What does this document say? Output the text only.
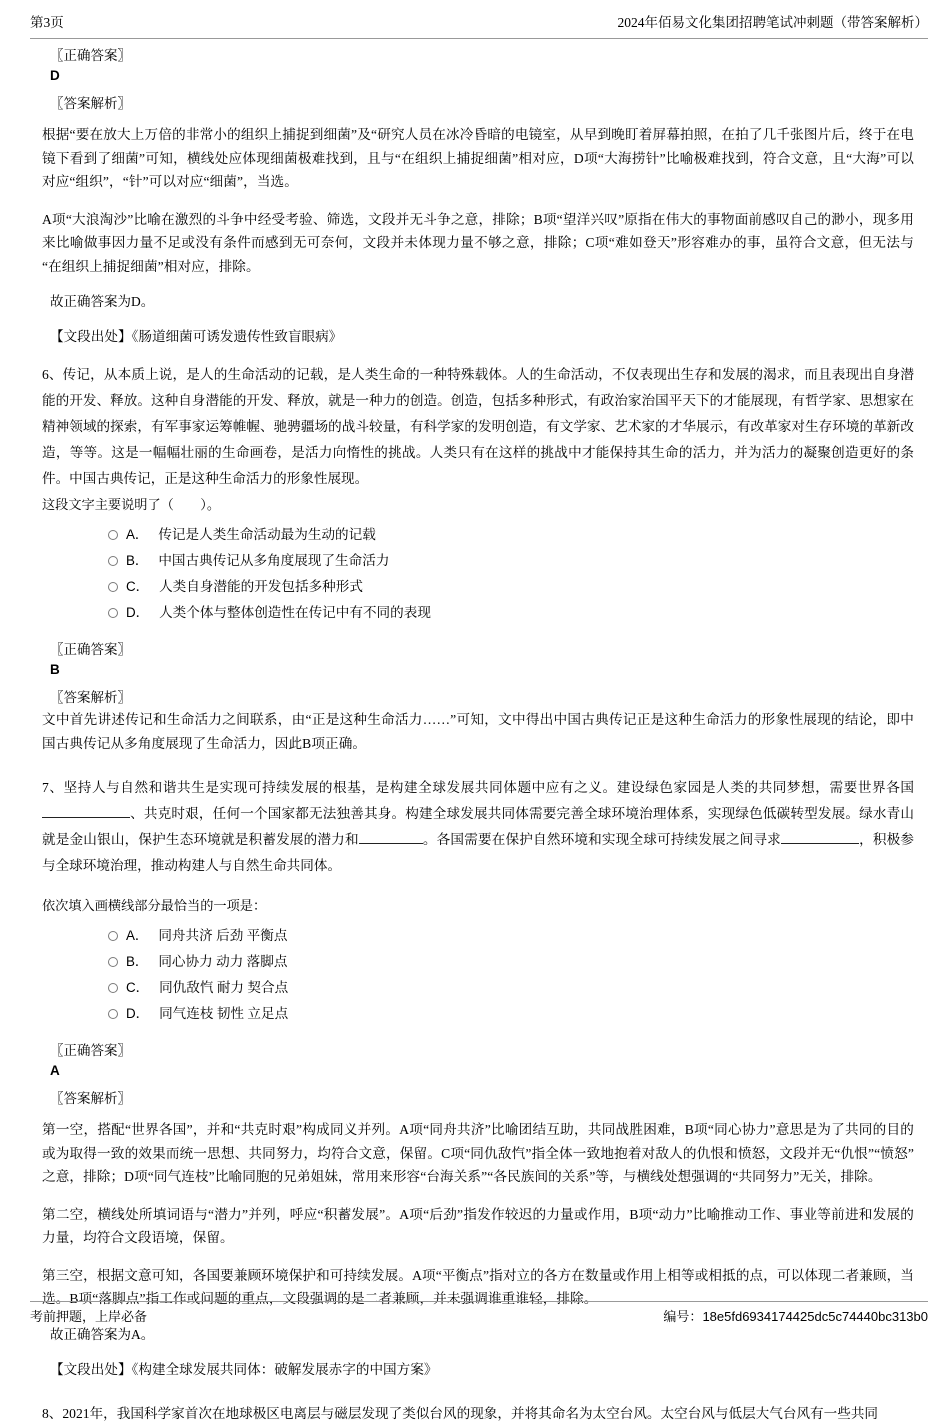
第3页	2024年佰易文化集团招聘笔试冲刺题（带答案解析）
〖正确答案〗
D
〖答案解析〗
根据“要在放大上万倍的非常小的组织上捕捉到细菌”及“研究人员在冰冷昏暗的电镜室，从早到晚盯着屏幕拍照，在拍了几千张图片后，终于在电镜下看到了细菌”可知，横线处应体现细菌极难找到，且与“在组织上捕捉细菌”相对应，D项“大海捞针”比喻极难找到，符合文意，且“大海”可以对应“组织”，“针”可以对应“细菌”，当选。
A项“大浪淘沙”比喻在激烈的斗争中经受考验、筛选，文段并无斗争之意，排除；B项“望洋兴叹”原指在伟大的事物面前感叹自己的渺小，现多用来比喻做事因力量不足或没有条件而感到无可奈何，文段并未体现力量不够之意，排除；C项“难如登天”形容难办的事，虽符合文意，但无法与“在组织上捕捉细菌”相对应，排除。
故正确答案为D。
【文段出处】《肠道细菌可诱发遗传性致盲眼病》
6、传记，从本质上说，是人的生命活动的记载，是人类生命的一种特殊载体。人的生命活动，不仅表现出生存和发展的渴求，而且表现出自身潜能的开发、释放。这种自身潜能的开发、释放，就是一种力的创造。创造，包括多种形式，有政治家治国平天下的才能展现，有哲学家、思想家在精神领域的探索，有军事家运筹帷幄、驰骋疆场的战斗较量，有科学家的发明创造，有文学家、艺术家的才华展示，有改革家对生存环境的革新改造，等等。这是一幅幅壮丽的生命画卷，是活力向惰性的挑战。人类只有在这样的挑战中才能保持其生命的活力，并为活力的凝聚创造更好的条件。中国古典传记，正是这种生命活力的形象性展现。
这段文字主要说明了（　　）。
A． 传记是人类生命活动最为生动的记载
B． 中国古典传记从多角度展现了生命活力
C． 人类自身潜能的开发包括多种形式
D． 人类个体与整体创造性在传记中有不同的表现
〖正确答案〗
B
〖答案解析〗
文中首先讲述传记和生命活力之间联系，由“正是这种生命活力……”可知，文中得出中国古典传记正是这种生命活力的形象性展现的结论，即中国古典传记从多角度展现了生命活力，因此B项正确。
7、坚持人与自然和谐共生是实现可持续发展的根基，是构建全球发展共同体题中应有之义。建设绿色家园是人类的共同梦想，需要世界各国、共克时艰，任何一个国家都无法独善其身。构建全球发展共同体需要完善全球环境治理体系，实现绿色低碳转型发展。绿水青山就是金山银山，保护生态环境就是积蓄发展的潜力和	。各国需要在保护自然环境和实现全球可持续发展之间寻求	，积极参与全球环境治理，推动构建人与自然生命共同体。
依次填入画横线部分最恰当的一项是：
A． 同舟共济 后劲 平衡点
B． 同心协力 动力 落脚点
C． 同仇敌忾 耐力 契合点
D． 同气连枝 韧性 立足点
〖正确答案〗
A
〖答案解析〗
第一空，搭配“世界各国”，并和“共克时艰”构成同义并列。A项“同舟共济”比喻团结互助，共同战胜困难，B项“同心协力”意思是为了共同的目的或为取得一致的效果而统一思想、共同努力，均符合文意，保留。C项“同仇敌忾”指全体一致地抱着对敌人的仇恨和愤怒，文段并无“仇恨”“愤怒”之意，排除；D项“同气连枝”比喻同胞的兄弟姐妹，常用来形容“台海关系”“各民族间的关系”等，与横线处想强调的“共同努力”无关，排除。
第二空，横线处所填词语与“潜力”并列，呼应“积蓄发展”。A项“后劲”指发作较迟的力量或作用，B项“动力”比喻推动工作、事业等前进和发展的力量，均符合文段语境，保留。
第三空，根据文意可知，各国要兼顾环境保护和可持续发展。A项“平衡点”指对立的各方在数量或作用上相等或相抵的点，可以体现二者兼顾，当选。B项“落脚点”指工作或问题的重点，文段强调的是二者兼顾，并未强调谁重谁轻，排除。
故正确答案为A。
【文段出处】《构建全球发展共同体：破解发展赤字的中国方案》
8、2021年，我国科学家首次在地球极区电离层与磁层发现了类似台风的现象，并将其命名为太空台风。太空台风与低层大气台风有一些共同
考前押题，上岸必备	编号：18e5fd6934174425dc5c74440bc313b0
